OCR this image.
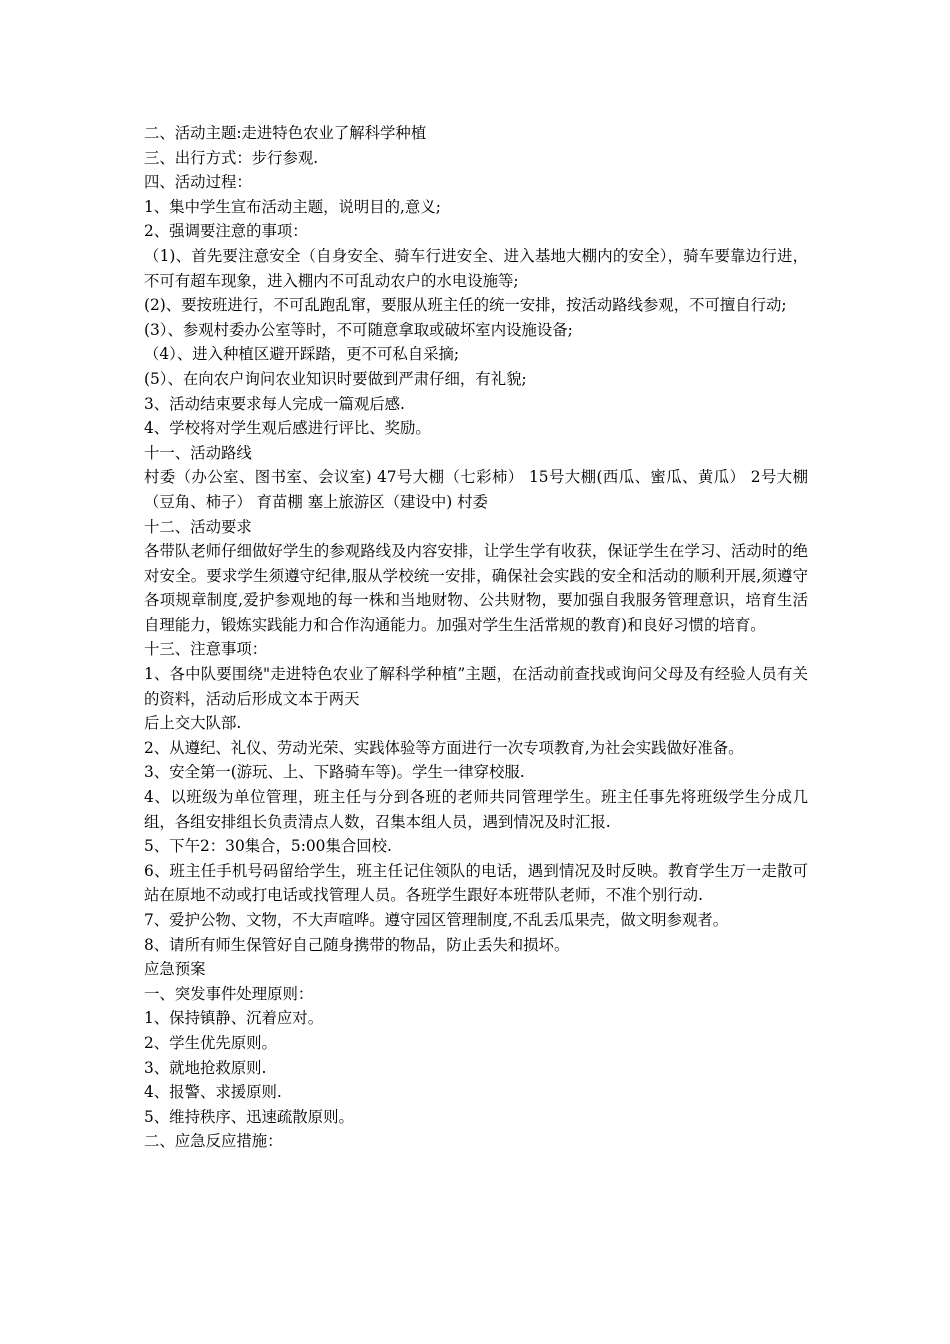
二、活动主题:走进特色农业了解科学种植

三、出行方式：步行参观.

四、活动过程：

1、集中学生宣布活动主题，说明目的,意义;

2、强调要注意的事项：

（1)、首先要注意安全（自身安全、骑车行进安全、进入基地大棚内的安全），骑车要靠边行进，不可有超车现象，进入棚内不可乱动农户的水电设施等;

(2)、要按班进行，不可乱跑乱窜，要服从班主任的统一安排，按活动路线参观，不可擅自行动;

(3）、参观村委办公室等时，不可随意拿取或破坏室内设施设备;

（4）、进入种植区避开踩踏，更不可私自采摘;

(5）、在向农户询问农业知识时要做到严肃仔细，有礼貌;

3、活动结束要求每人完成一篇观后感.

4、学校将对学生观后感进行评比、奖励。

十一、活动路线

村委（办公室、图书室、会议室) 47号大棚（七彩柿） 15号大棚(西瓜、蜜瓜、黄瓜） 2号大棚（豆角、柿子） 育苗棚 塞上旅游区（建设中) 村委

十二、活动要求

各带队老师仔细做好学生的参观路线及内容安排，让学生学有收获，保证学生在学习、活动时的绝对安全。要求学生须遵守纪律,服从学校统一安排，确保社会实践的安全和活动的顺利开展,须遵守各项规章制度,爱护参观地的每一株和当地财物、公共财物，要加强自我服务管理意识，培育生活自理能力，锻炼实践能力和合作沟通能力。加强对学生生活常规的教育)和良好习惯的培育。

十三、注意事项：

1、各中队要围绕"走进特色农业了解科学种植”主题，在活动前查找或询问父母及有经验人员有关的资料，活动后形成文本于两天

后上交大队部.

2、从遵纪、礼仪、劳动光荣、实践体验等方面进行一次专项教育,为社会实践做好准备。

3、安全第一(游玩、上、下路骑车等)。学生一律穿校服.

4、以班级为单位管理，班主任与分到各班的老师共同管理学生。班主任事先将班级学生分成几组，各组安排组长负责清点人数，召集本组人员，遇到情况及时汇报.

5、下午2：30集合，5:00集合回校.

6、班主任手机号码留给学生，班主任记住领队的电话，遇到情况及时反映。教育学生万一走散可站在原地不动或打电话或找管理人员。各班学生跟好本班带队老师，不准个别行动.

7、爱护公物、文物，不大声喧哗。遵守园区管理制度,不乱丢瓜果壳，做文明参观者。

8、请所有师生保管好自己随身携带的物品，防止丢失和损坏。

应急预案

一、突发事件处理原则：

1、保持镇静、沉着应对。

2、学生优先原则。

3、就地抢救原则.

4、报警、求援原则.

5、维持秩序、迅速疏散原则。

二、应急反应措施：
